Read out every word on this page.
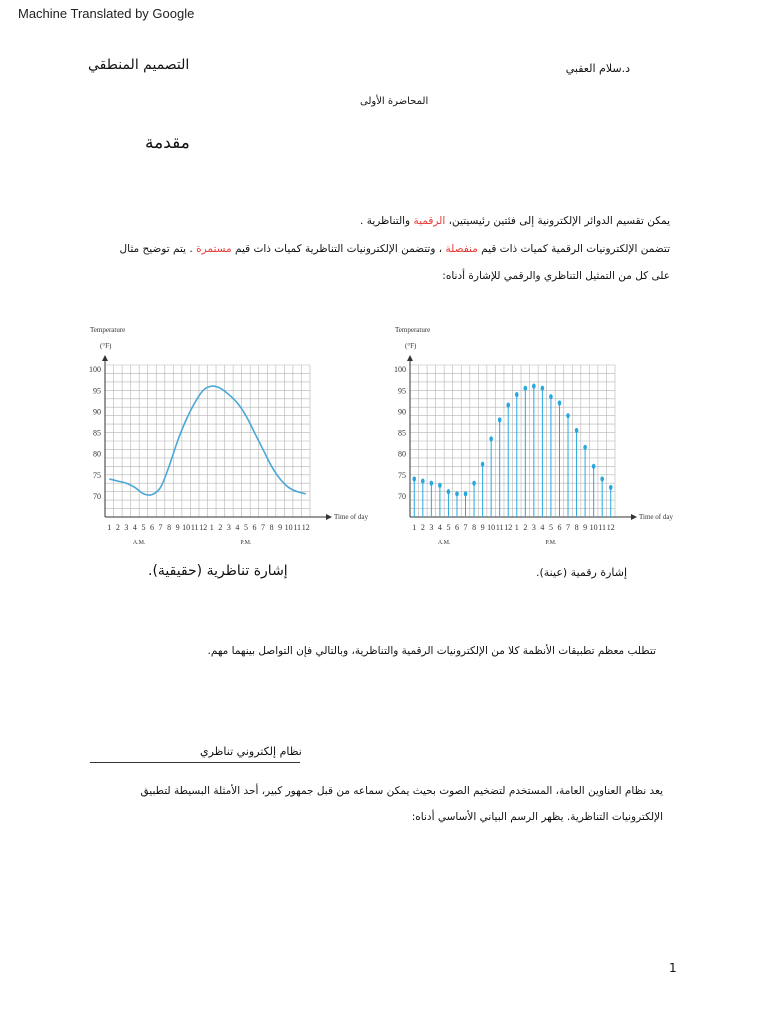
Machine Translated by Google
التصميم المنطقي	د.سلام العقبي
المحاضرة الأولى
مقدمة
يمكن تقسيم الدوائر الإلكترونية إلى فئتين رئيسيتين، الرقمية والتناظرية .
تتضمن الإلكترونيات الرقمية كميات ذات قيم منفصلة ، وتتضمن الإلكترونيات التناظرية كميات ذات قيم مستمرة . يتم توضيح مثال
على كل من التمثيل التناظري والرقمي للإشارة أدناه:
70
75
80
85
90
95
100
1 2 3 4 5 6 7 8 9 10 11 12 1 2 3 4 5 6 7 8 9 10 11 12
A.M.	P.M.
Temperature
(°F)
Time of day
70
75
80
85
90
95
100
1 2 3 4 5 6 7 8 9 10 11 12 1 2 3 4 5 6 7 8 9 10 11 12
A.M.	P.M.
Temperature
(°F)
Time of day
إشارة تناظرية (حقيقية).	إشارة رقمية (عينة).
تتطلب معظم تطبيقات الأنظمة كلا من الإلكترونيات الرقمية والتناظرية، وبالتالي فإن التواصل بينهما مهم.
نظام إلكتروني تناظري
يعد نظام العناوين العامة، المستخدم لتضخيم الصوت بحيث يمكن سماعه من قبل جمهور كبير، أحد الأمثلة البسيطة لتطبيق
الإلكترونيات التناظرية. يظهر الرسم البياني الأساسي أدناه:
1
